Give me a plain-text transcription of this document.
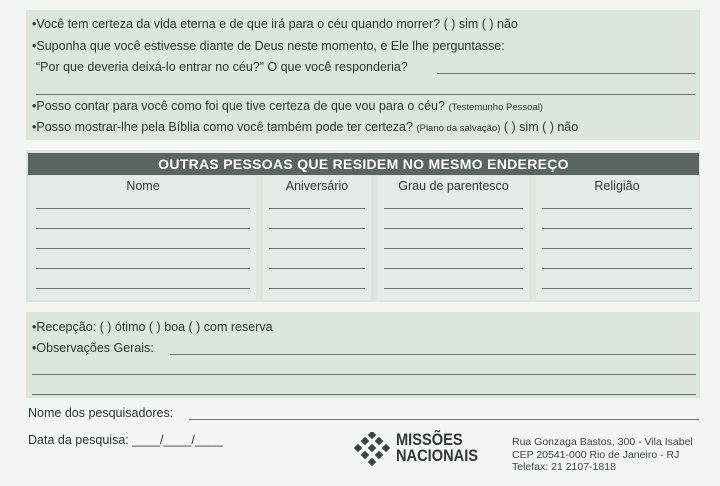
•Você tem certeza da vida eterna e de que irá para o céu quando morrer? ( ) sim ( ) não
•Suponha que você estivesse diante de Deus neste momento, e Ele lhe perguntasse:
“Por que deveria deixá-lo entrar no céu?” O que você responderia?
•Posso contar para você como foi que tive certeza de que vou para o céu? (Testemunho Pessoal)
•Posso mostrar-lhe pela Bíblia como você também pode ter certeza? (Plano da salvação) ( ) sim ( ) não
OUTRAS PESSOAS QUE RESIDEM NO MESMO ENDEREÇO
Nome	Aniversário	Grau de parentesco	Religião
•Recepção: ( ) ótimo ( ) boa ( ) com reserva
•Observações Gerais:
Nome dos pesquisadores:
Data da pesquisa: ____/____/____	MISSÕES
NACIONAIS
Rua Gonzaga Bastos, 300 - Vila Isabel
CEP 20541-000 Rio de Janeiro - RJ
Telefax: 21 2107-1818
